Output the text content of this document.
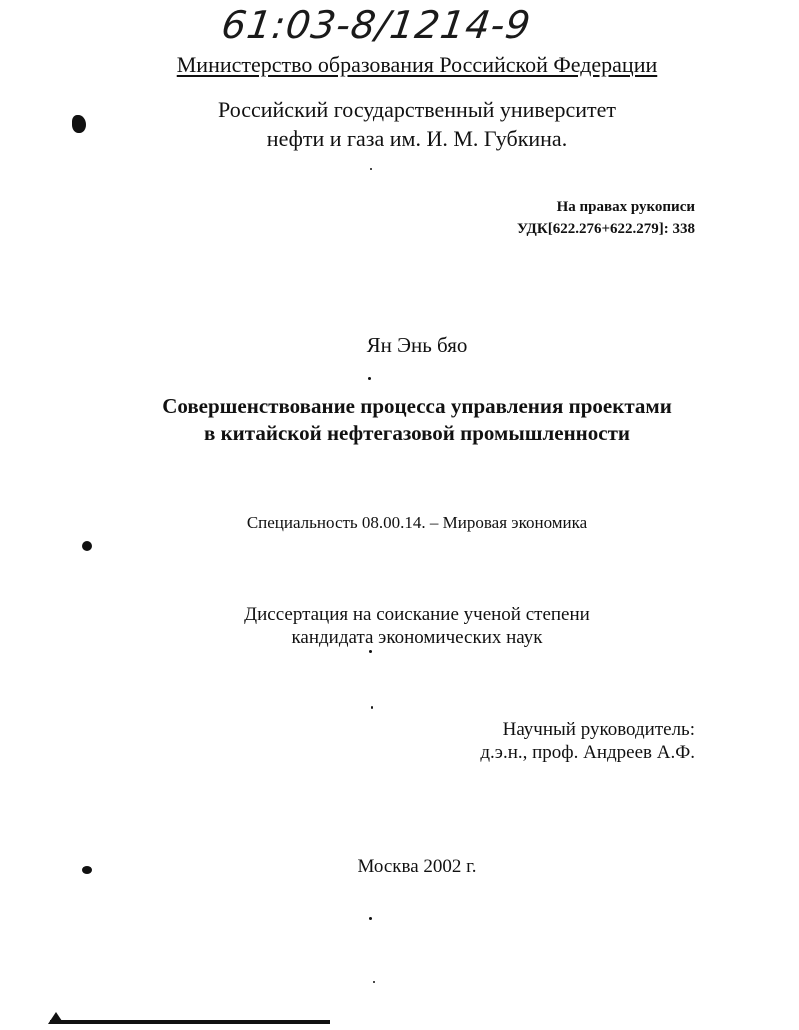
61:03-8/1214-9
Министерство образования Российской Федерации
Российский государственный университет
нефти и газа им. И. М. Губкина.
На правах рукописи
УДК[622.276+622.279]: 338
Ян Энь бяо
Совершенствование процесса управления проектами
в китайской нефтегазовой промышленности
Специальность 08.00.14. – Мировая экономика
Диссертация на соискание ученой степени
кандидата экономических наук
Научный руководитель:
д.э.н., проф. Андреев А.Ф.
Москва 2002 г.
